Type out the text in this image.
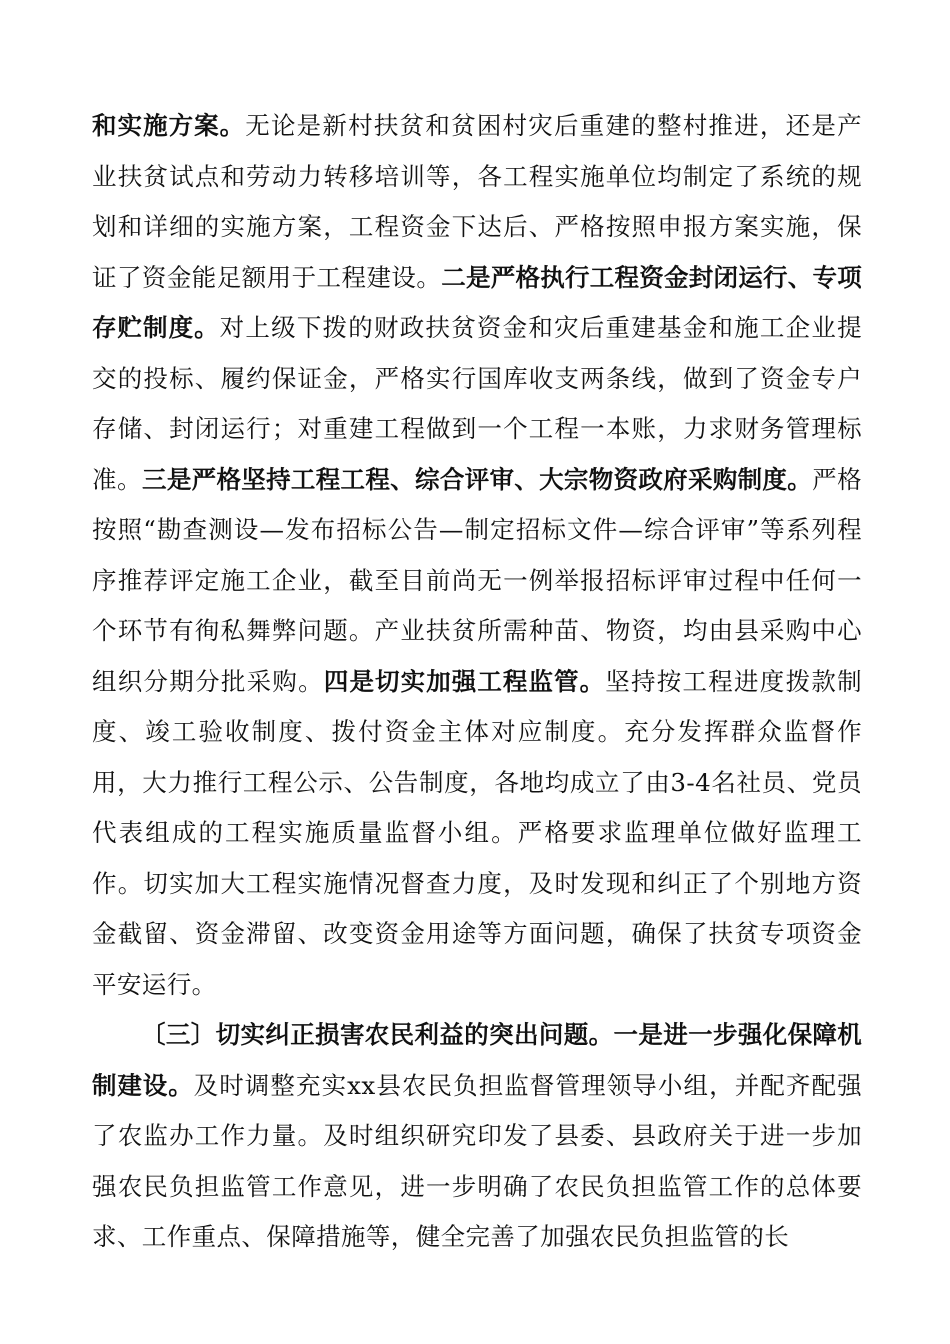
和实施方案。无论是新村扶贫和贫困村灾后重建的整村推进，还是产业扶贫试点和劳动力转移培训等，各工程实施单位均制定了系统的规划和详细的实施方案，工程资金下达后、严格按照申报方案实施，保证了资金能足额用于工程建设。二是严格执行工程资金封闭运行、专项存贮制度。对上级下拨的财政扶贫资金和灾后重建基金和施工企业提交的投标、履约保证金，严格实行国库收支两条线，做到了资金专户存储、封闭运行；对重建工程做到一个工程一本账，力求财务管理标准。三是严格坚持工程工程、综合评审、大宗物资政府采购制度。严格按照“勘查测设—发布招标公告—制定招标文件—综合评审”等系列程序推荐评定施工企业，截至目前尚无一例举报招标评审过程中任何一个环节有徇私舞弊问题。产业扶贫所需种苗、物资，均由县采购中心组织分期分批采购。四是切实加强工程监管。坚持按工程进度拨款制度、竣工验收制度、拨付资金主体对应制度。充分发挥群众监督作用，大力推行工程公示、公告制度，各地均成立了由3-4名社员、党员代表组成的工程实施质量监督小组。严格要求监理单位做好监理工作。切实加大工程实施情况督查力度，及时发现和纠正了个别地方资金截留、资金滞留、改变资金用途等方面问题，确保了扶贫专项资金平安运行。

〔三〕切实纠正损害农民利益的突出问题。一是进一步强化保障机制建设。及时调整充实xx县农民负担监督管理领导小组，并配齐配强了农监办工作力量。及时组织研究印发了县委、县政府关于进一步加强农民负担监管工作意见，进一步明确了农民负担监管工作的总体要求、工作重点、保障措施等，健全完善了加强农民负担监管的长
